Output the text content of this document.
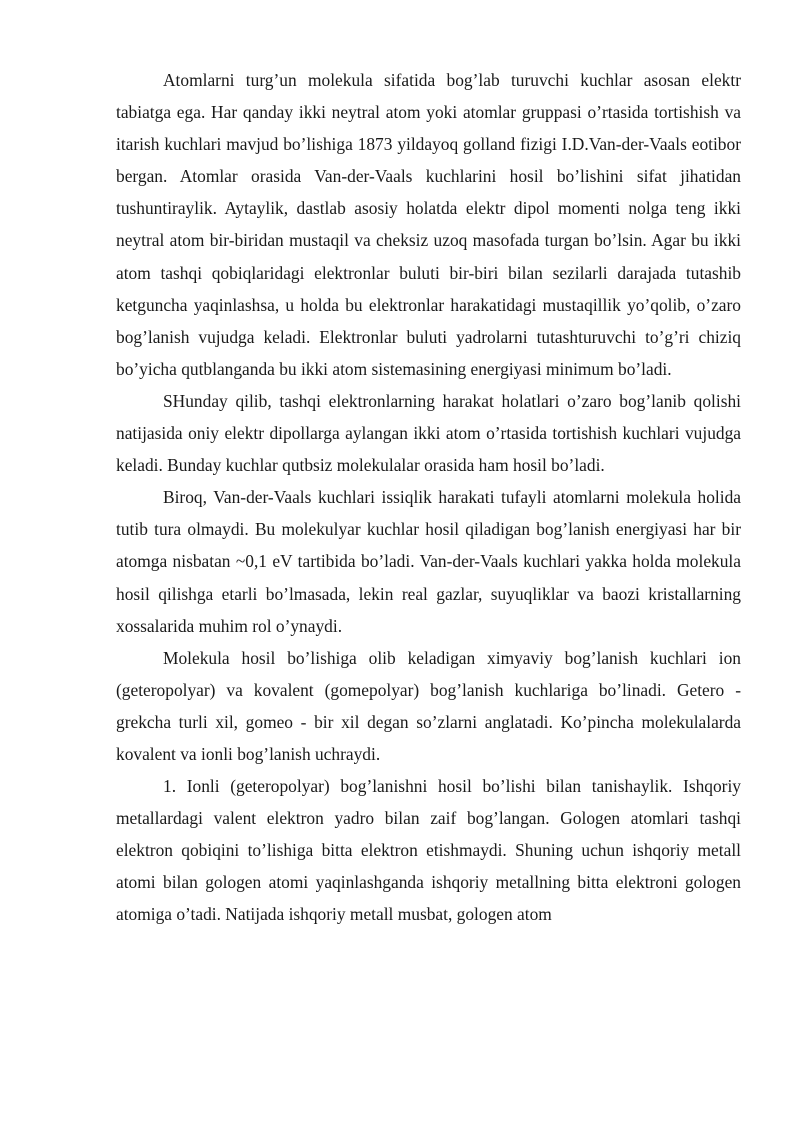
Atomlarni turg’un molekula sifatida bog’lab turuvchi kuchlar asosan elektr tabiatga ega. Har qanday ikki neytral atom yoki atomlar gruppasi o’rtasida tortishish va itarish kuchlari mavjud bo’lishiga 1873 yildayoq golland fizigi I.D.Van-der-Vaals eotibor bergan. Atomlar orasida Van-der-Vaals kuchlarini hosil bo’lishini sifat jihatidan tushuntiraylik. Aytaylik, dastlab asosiy holatda elektr dipol momenti nolga teng ikki neytral atom bir-biridan mustaqil va cheksiz uzoq masofada turgan bo’lsin. Agar bu ikki atom tashqi qobiqlaridagi elektronlar buluti bir-biri bilan sezilarli darajada tutashib ketguncha yaqinlashsa, u holda bu elektronlar harakatidagi mustaqillik yo’qolib, o’zaro bog’lanish vujudga keladi. Elektronlar buluti yadrolarni tutashturuvchi to’g’ri chiziq bo’yicha qutblanganda bu ikki atom sistemasining energiyasi minimum bo’ladi.

SHunday qilib, tashqi elektronlarning harakat holatlari o’zaro bog’lanib qolishi natijasida oniy elektr dipollarga aylangan ikki atom o’rtasida tortishish kuchlari vujudga keladi. Bunday kuchlar qutbsiz molekulalar orasida ham hosil bo’ladi.

Biroq, Van-der-Vaals kuchlari issiqlik harakati tufayli atomlarni molekula holida tutib tura olmaydi. Bu molekulyar kuchlar hosil qiladigan bog’lanish energiyasi har bir atomga nisbatan ~0,1 eV tartibida bo’ladi. Van-der-Vaals kuchlari yakka holda molekula hosil qilishga etarli bo’lmasada, lekin real gazlar, suyuqliklar va baozi kristallarning xossalarida muhim rol o’ynaydi.

Molekula hosil bo’lishiga olib keladigan ximyaviy bog’lanish kuchlari ion (geteropolyar) va kovalent (gomepolyar) bog’lanish kuchlariga bo’linadi. Getero - grekcha turli xil, gomeo - bir xil degan so’zlarni anglatadi. Ko’pincha molekulalarda kovalent va ionli bog’lanish uchraydi.

1. Ionli (geteropolyar) bog’lanishni hosil bo’lishi bilan tanishaylik. Ishqoriy metallardagi valent elektron yadro bilan zaif bog’langan. Gologen atomlari tashqi elektron qobiqini to’lishiga bitta elektron etishmaydi. Shuning uchun ishqoriy metall atomi bilan gologen atomi yaqinlashganda ishqoriy metallning bitta elektroni gologen atomiga o’tadi. Natijada ishqoriy metall musbat, gologen atom
